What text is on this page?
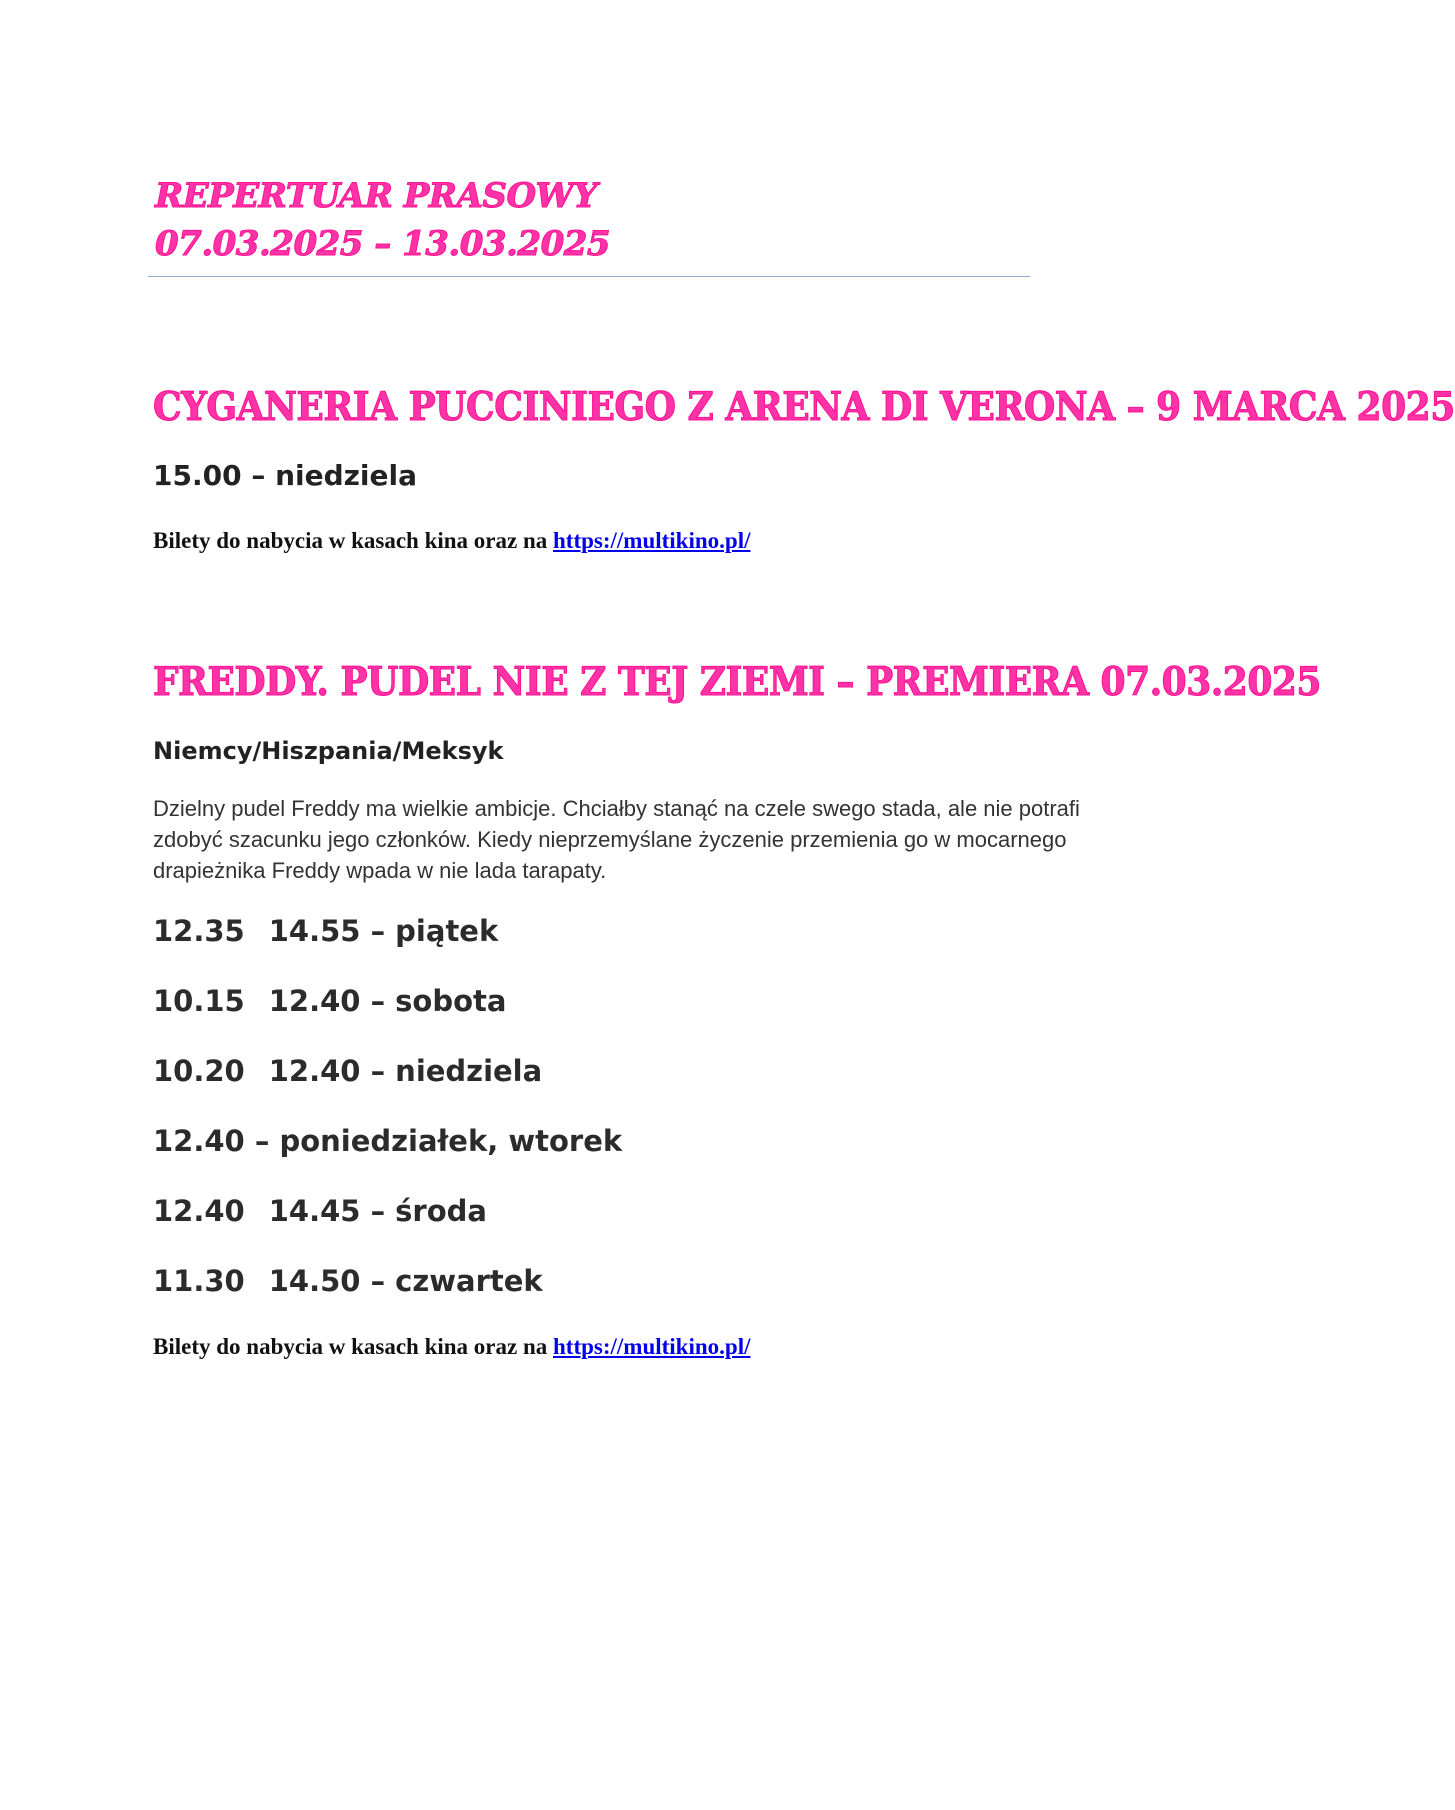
REPERTUAR PRASOWY
07.03.2025 – 13.03.2025
CYGANERIA PUCCINIEGO Z ARENA DI VERONA – 9 MARCA 2025

15.00 – niedziela

Bilety do nabycia w kasach kina oraz na https://multikino.pl/

FREDDY. PUDEL NIE Z TEJ ZIEMI – PREMIERA 07.03.2025

Niemcy/Hiszpania/Meksyk

Dzielny pudel Freddy ma wielkie ambicje. Chciałby stanąć na czele swego stada, ale nie potrafi zdobyć szacunku jego członków. Kiedy nieprzemyślane życzenie przemienia go w mocarnego drapieżnika Freddy wpada w nie lada tarapaty.

12.35 14.55 – piątek
10.15 12.40 – sobota
10.20 12.40 – niedziela
12.40 – poniedziałek, wtorek
12.40 14.45 – środa
11.30 14.50 – czwartek

Bilety do nabycia w kasach kina oraz na https://multikino.pl/
